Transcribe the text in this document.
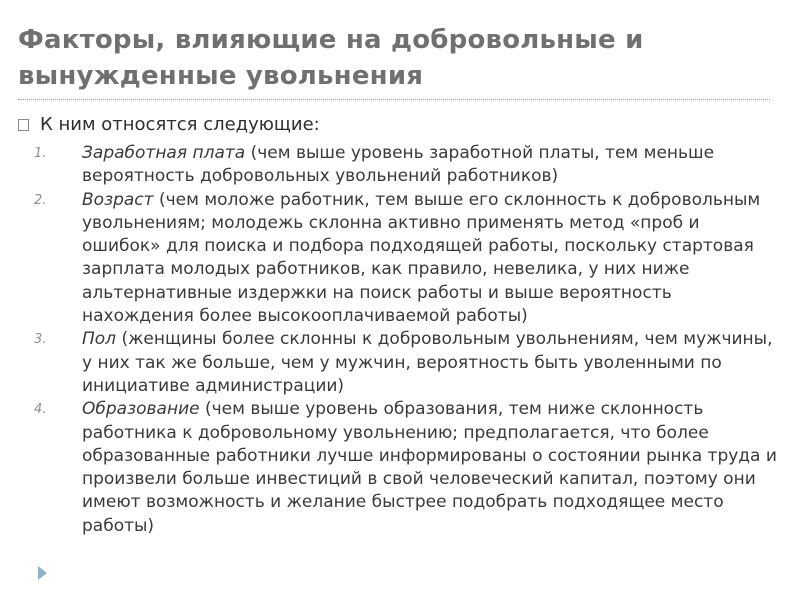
Факторы, влияющие на добровольные и вынужденные увольнения
К ним относятся следующие:
1.	Заработная плата (чем выше уровень заработной платы, тем меньше вероятность добровольных увольнений работников)
2.	Возраст (чем моложе работник, тем выше его склонность к добровольным увольнениям; молодежь склонна активно применять метод «проб и ошибок» для поиска и подбора подходящей работы, поскольку стартовая зарплата молодых работников, как правило, невелика, у них ниже альтернативные издержки на поиск работы и выше вероятность нахождения более высокооплачиваемой работы)
3.	Пол (женщины более склонны к добровольным увольнениям, чем мужчины, у них так же больше, чем у мужчин, вероятность быть уволенными по инициативе администрации)
4.	Образование (чем выше уровень образования, тем ниже склонность работника к добровольному увольнению; предполагается, что более образованные работники лучше информированы о состоянии рынка труда и произвели больше инвестиций в свой человеческий капитал, поэтому они имеют возможность и желание быстрее подобрать подходящее место работы)
